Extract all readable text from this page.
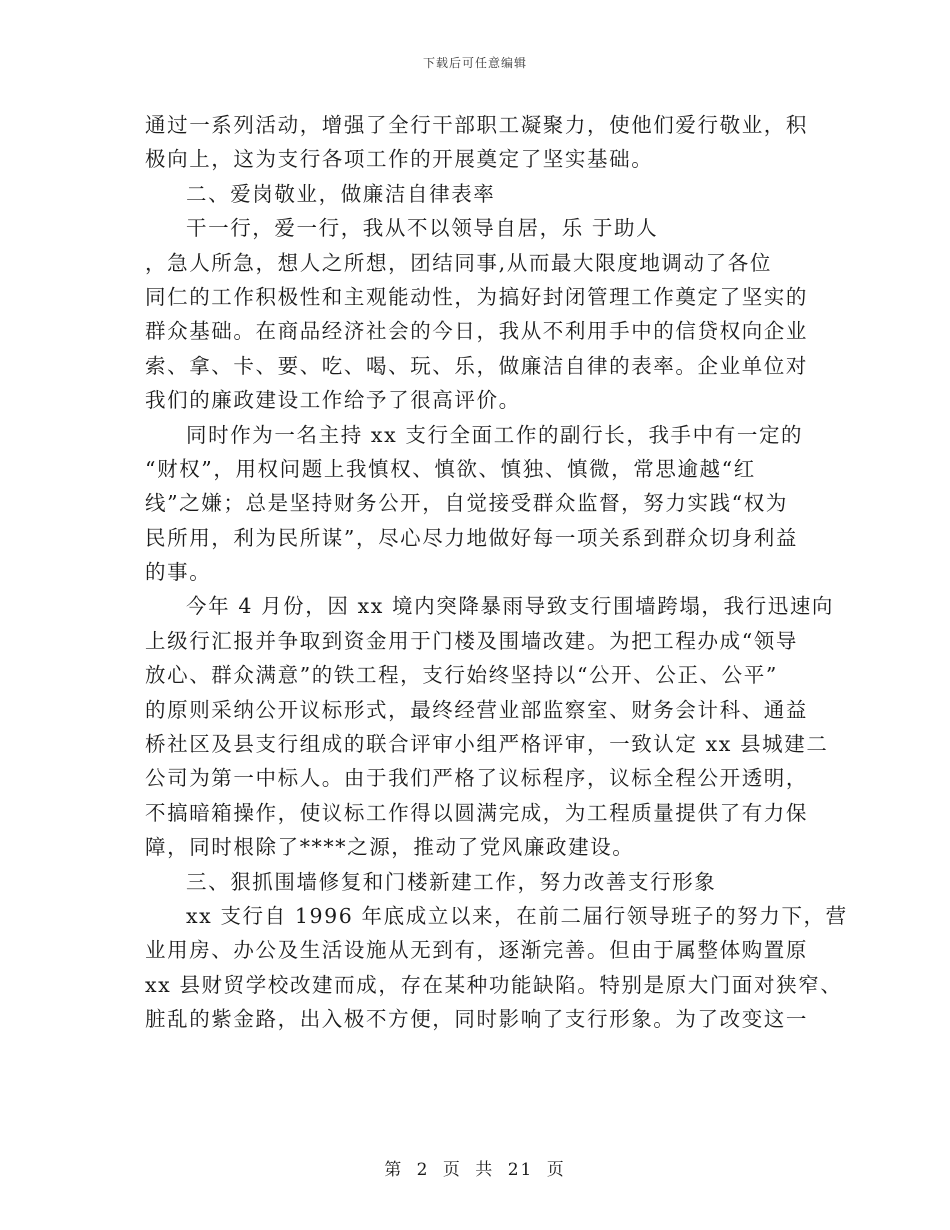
下载后可任意编辑
通过一系列活动，增强了全行干部职工凝聚力，使他们爱行敬业，积
极向上，这为支行各项工作的开展奠定了坚实基础。
二、爱岗敬业，做廉洁自律表率
干一行，爱一行，我从不以领导自居，乐 于助人
，急人所急，想人之所想，团结同事,从而最大限度地调动了各位
同仁的工作积极性和主观能动性，为搞好封闭管理工作奠定了坚实的
群众基础。在商品经济社会的今日，我从不利用手中的信贷权向企业
索、拿、卡、要、吃、喝、玩、乐，做廉洁自律的表率。企业单位对
我们的廉政建设工作给予了很高评价。
同时作为一名主持 xx 支行全面工作的副行长，我手中有一定的
“财权”，用权问题上我慎权、慎欲、慎独、慎微，常思逾越“红
线”之嫌；总是坚持财务公开，自觉接受群众监督，努力实践“权为
民所用，利为民所谋”，尽心尽力地做好每一项关系到群众切身利益
的事。
今年 4 月份，因 xx 境内突降暴雨导致支行围墙跨塌，我行迅速向
上级行汇报并争取到资金用于门楼及围墙改建。为把工程办成“领导
放心、群众满意”的铁工程，支行始终坚持以“公开、公正、公平”
的原则采纳公开议标形式，最终经营业部监察室、财务会计科、通益
桥社区及县支行组成的联合评审小组严格评审，一致认定 xx 县城建二
公司为第一中标人。由于我们严格了议标程序，议标全程公开透明，
不搞暗箱操作，使议标工作得以圆满完成，为工程质量提供了有力保
障，同时根除了****之源，推动了党风廉政建设。
三、狠抓围墙修复和门楼新建工作，努力改善支行形象
xx 支行自 1996 年底成立以来，在前二届行领导班子的努力下，营
业用房、办公及生活设施从无到有，逐渐完善。但由于属整体购置原
xx 县财贸学校改建而成，存在某种功能缺陷。特别是原大门面对狭窄、
脏乱的紫金路，出入极不方便，同时影响了支行形象。为了改变这一
第 2 页 共 21 页
